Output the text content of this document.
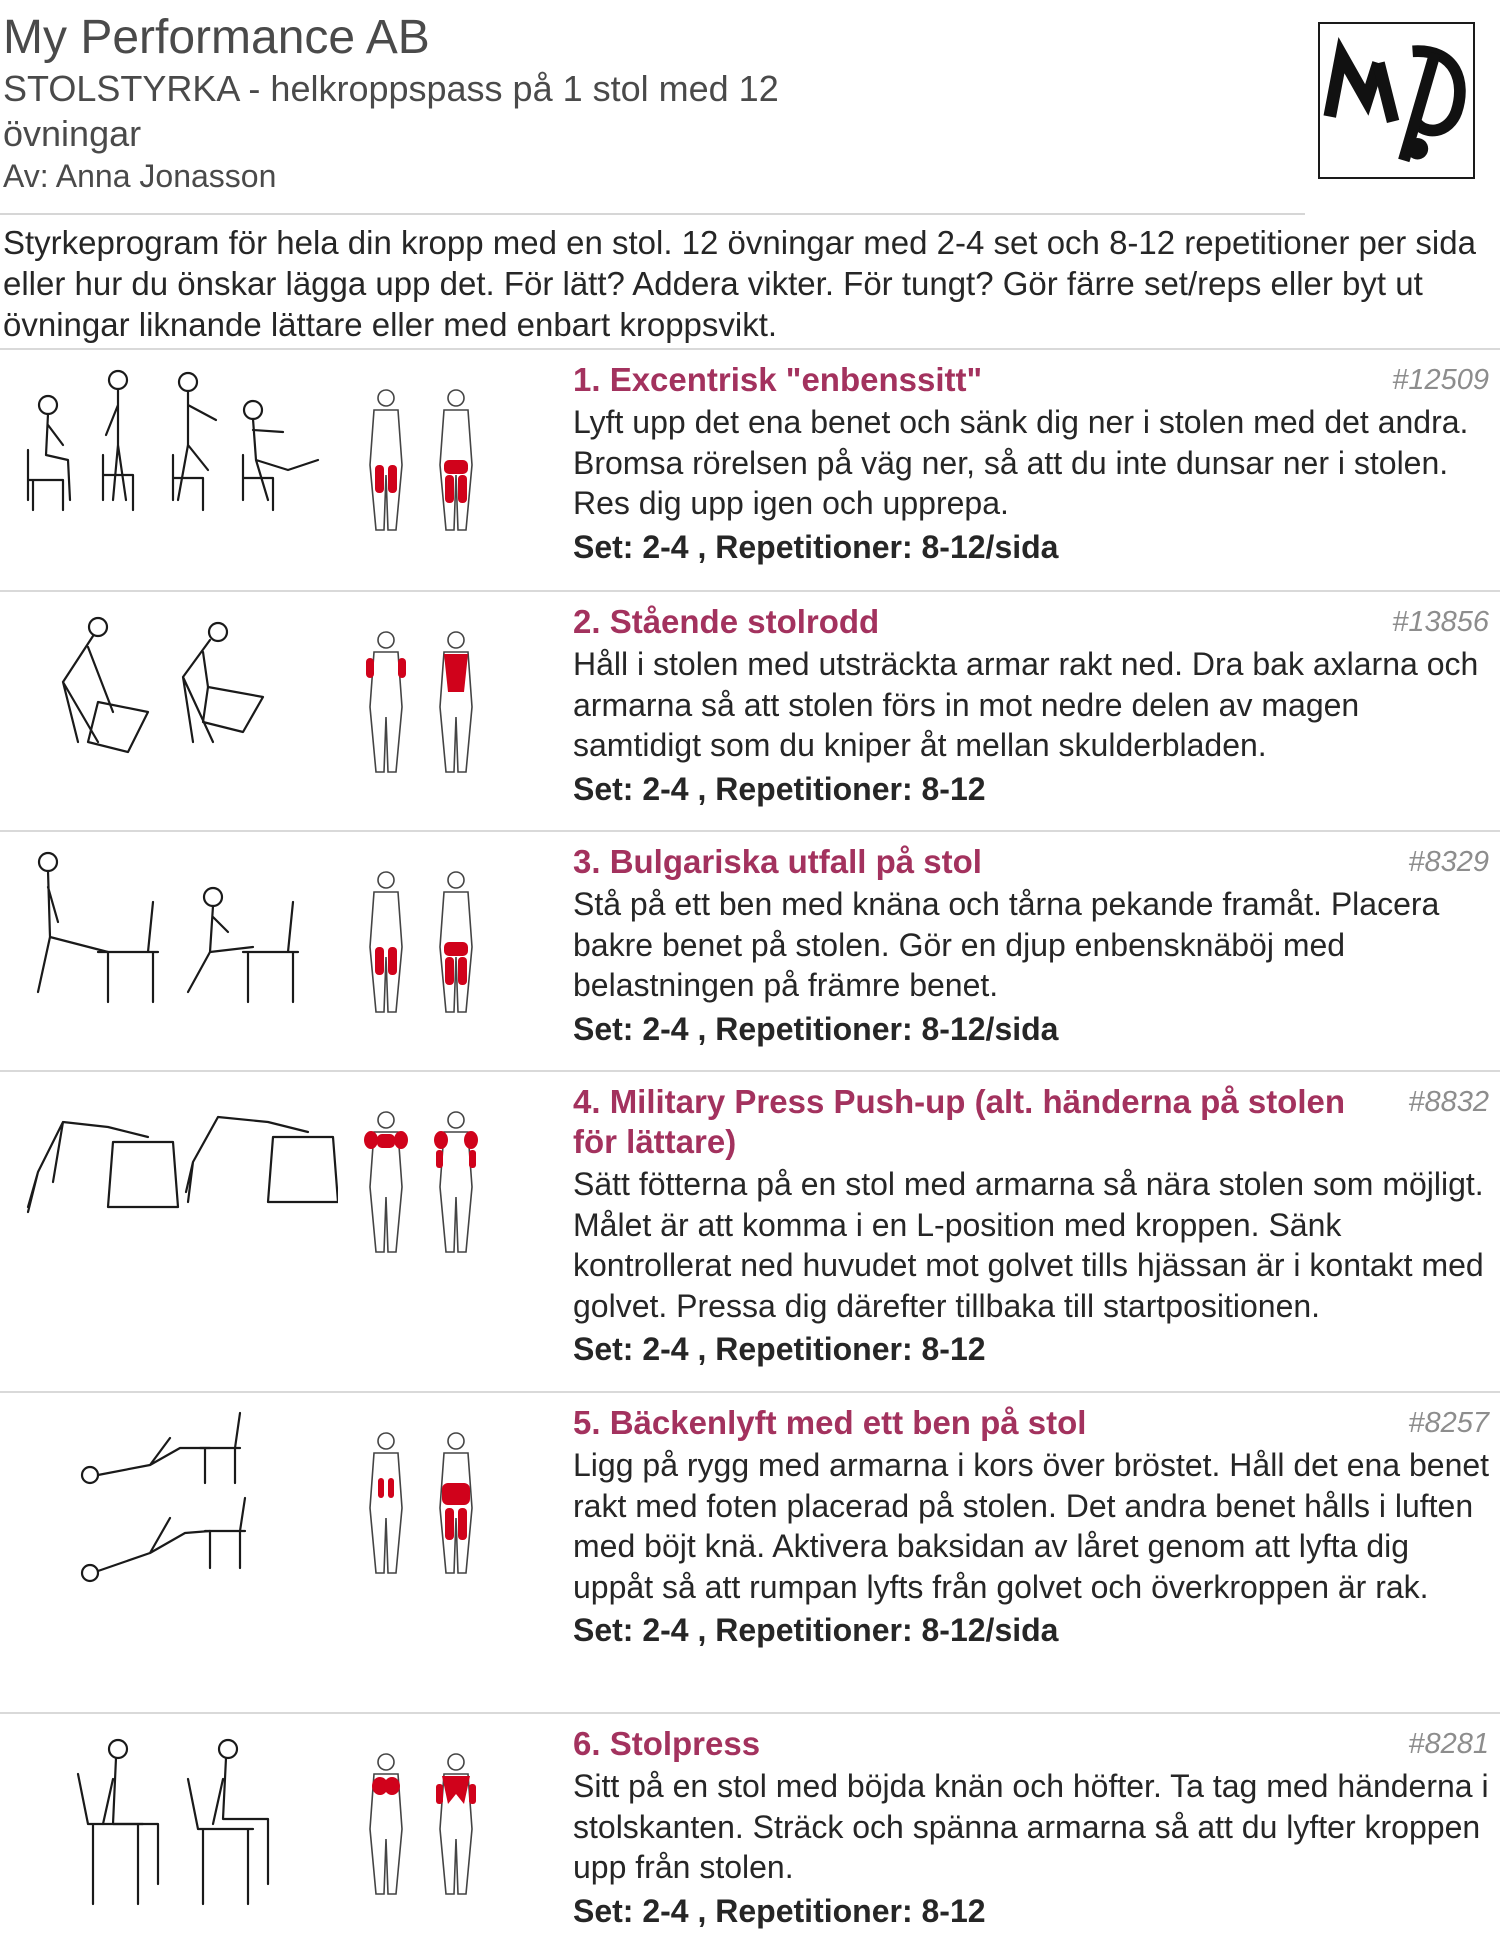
My Performance AB
STOLSTYRKA - helkroppspass på 1 stol med 12 övningar
Av: Anna Jonasson
Styrkeprogram för hela din kropp med en stol. 12 övningar med 2-4 set och 8-12 repetitioner per sida eller hur du önskar lägga upp det. För lätt? Addera vikter. För tungt? Gör färre set/reps eller byt ut övningar liknande lättare eller med enbart kroppsvikt.
1. Excentrisk "enbenssitt"	#12509
Lyft upp det ena benet och sänk dig ner i stolen med det andra. Bromsa rörelsen på väg ner, så att du inte dunsar ner i stolen. Res dig upp igen och upprepa.
Set: 2-4 , Repetitioner: 8-12/sida
2. Stående stolrodd	#13856
Håll i stolen med utsträckta armar rakt ned. Dra bak axlarna och armarna så att stolen förs in mot nedre delen av magen samtidigt som du kniper åt mellan skulderbladen.
Set: 2-4 , Repetitioner: 8-12
3. Bulgariska utfall på stol	#8329
Stå på ett ben med knäna och tårna pekande framåt. Placera bakre benet på stolen. Gör en djup enbensknäböj med belastningen på främre benet.
Set: 2-4 , Repetitioner: 8-12/sida
4. Military Press Push-up (alt. händerna på stolen för lättare)
#8832
Sätt fötterna på en stol med armarna så nära stolen som möjligt. Målet är att komma i en L-position med kroppen. Sänk kontrollerat ned huvudet mot golvet tills hjässan är i kontakt med golvet. Pressa dig därefter tillbaka till startpositionen.
Set: 2-4 , Repetitioner: 8-12
5. Bäckenlyft med ett ben på stol	#8257
Ligg på rygg med armarna i kors över bröstet. Håll det ena benet rakt med foten placerad på stolen. Det andra benet hålls i luften med böjt knä. Aktivera baksidan av låret genom att lyfta dig uppåt så att rumpan lyfts från golvet och överkroppen är rak.
Set: 2-4 , Repetitioner: 8-12/sida
6. Stolpress	#8281
Sitt på en stol med böjda knän och höfter. Ta tag med händerna i stolskanten. Sträck och spänna armarna så att du lyfter kroppen upp från stolen.
Set: 2-4 , Repetitioner: 8-12
